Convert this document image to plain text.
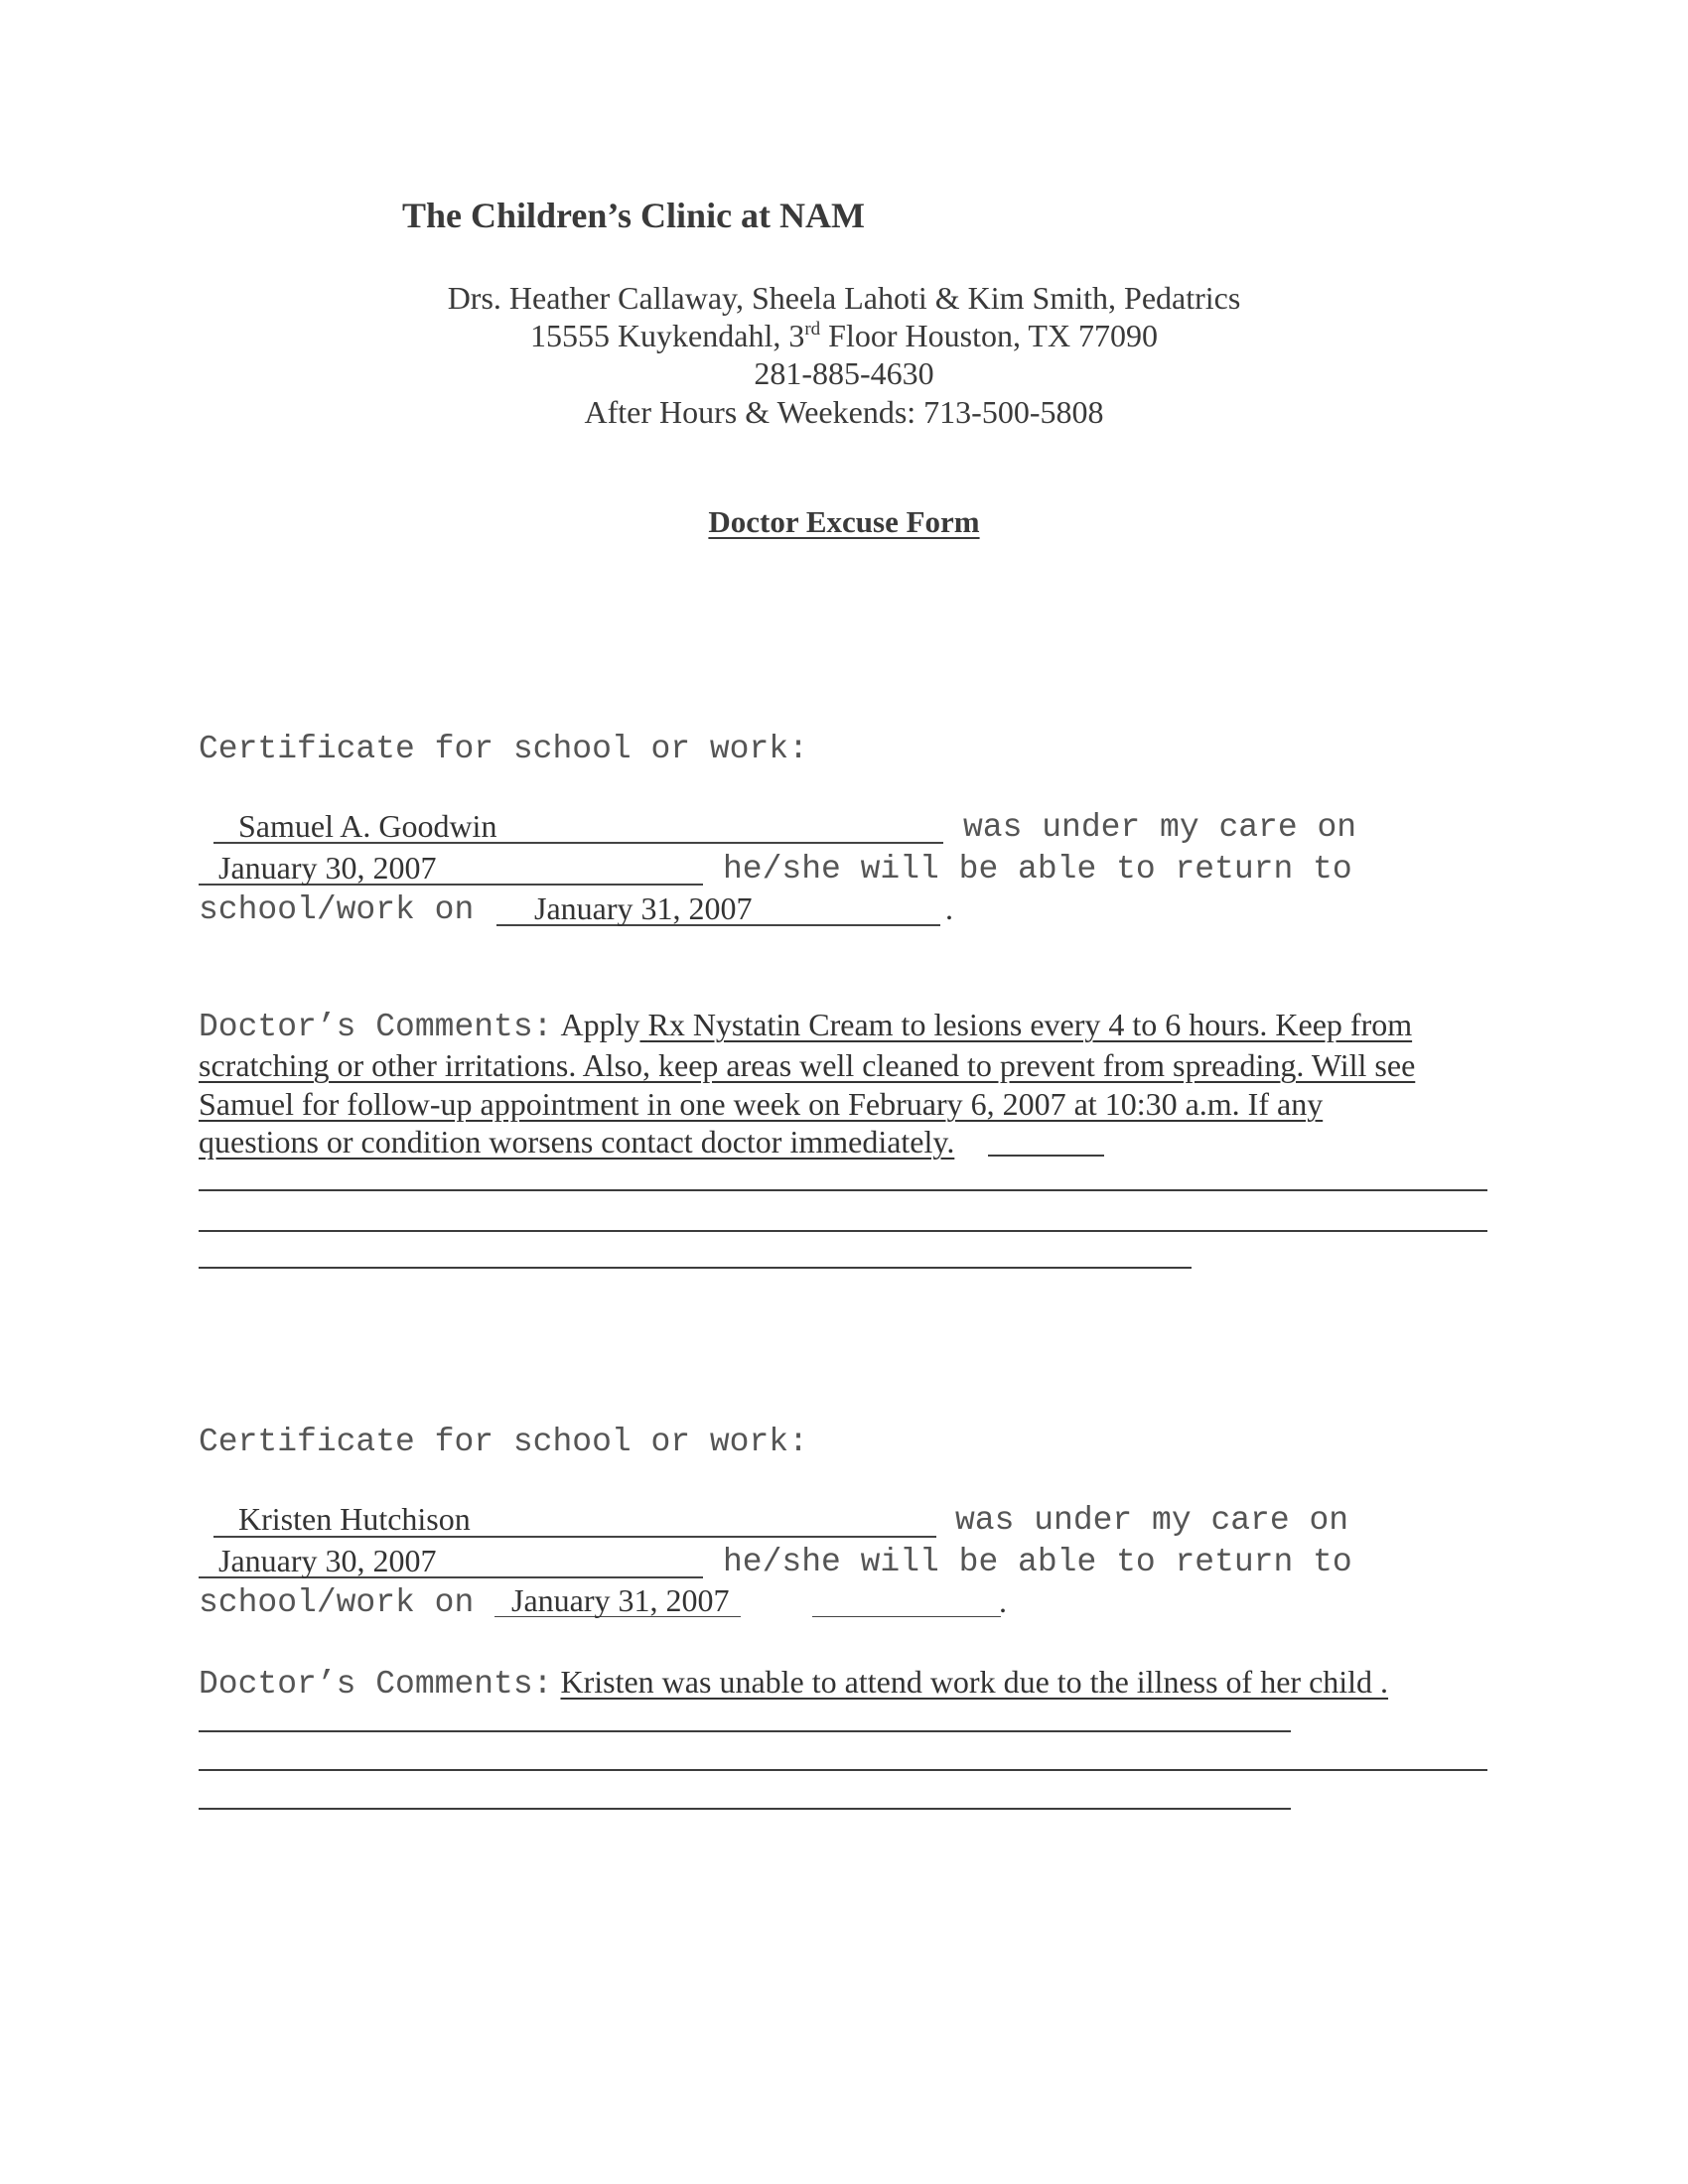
The Children’s Clinic at NAM
Drs. Heather Callaway, Sheela Lahoti & Kim Smith, Pedatrics
15555 Kuykendahl, 3rd Floor Houston, TX 77090
281-885-4630
After Hours & Weekends: 713-500-5808
Doctor Excuse Form
Certificate for school or work:
Samuel A. Goodwin	was under my care on
January 30, 2007	he/she will be able to return to
school/work on January 31, 2007	.
Doctor’s Comments: Apply Rx Nystatin Cream to lesions every 4 to 6 hours. Keep from
scratching or other irritations. Also, keep areas well cleaned to prevent from spreading. Will see
Samuel for follow-up appointment in one week on February 6, 2007 at 10:30 a.m. If any
questions or condition worsens contact doctor immediately.
Certificate for school or work:
Kristen Hutchison	was under my care on
January 30, 2007	he/she will be able to return to
school/work on January 31, 2007	.
Doctor’s Comments: Kristen was unable to attend work due to the illness of her child .
